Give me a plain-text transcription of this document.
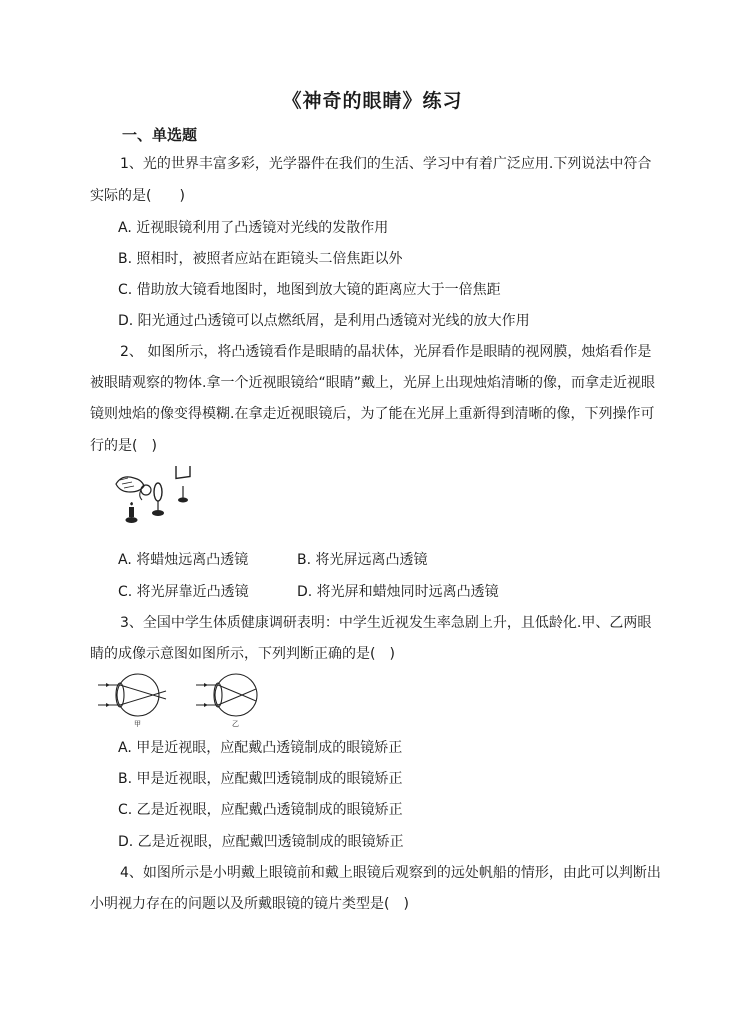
《神奇的眼睛》练习
一、单选题
1、光的世界丰富多彩，光学器件在我们的生活、学习中有着广泛应用.下列说法中符合
实际的是(　　)
A. 近视眼镜利用了凸透镜对光线的发散作用
B. 照相时，被照者应站在距镜头二倍焦距以外
C. 借助放大镜看地图时，地图到放大镜的距离应大于一倍焦距
D. 阳光通过凸透镜可以点燃纸屑，是利用凸透镜对光线的放大作用
2、 如图所示，将凸透镜看作是眼睛的晶状体，光屏看作是眼睛的视网膜，烛焰看作是
被眼睛观察的物体.拿一个近视眼镜给“眼睛”戴上，光屏上出现烛焰清晰的像，而拿走近视眼
镜则烛焰的像变得模糊.在拿走近视眼镜后，为了能在光屏上重新得到清晰的像，下列操作可
行的是(　)
A. 将蜡烛远离凸透镜	B. 将光屏远离凸透镜
C. 将光屏靠近凸透镜	D. 将光屏和蜡烛同时远离凸透镜
3、全国中学生体质健康调研表明：中学生近视发生率急剧上升，且低龄化.甲、乙两眼
睛的成像示意图如图所示，下列判断正确的是(　)
甲	乙
A. 甲是近视眼，应配戴凸透镜制成的眼镜矫正
B. 甲是近视眼，应配戴凹透镜制成的眼镜矫正
C. 乙是近视眼，应配戴凸透镜制成的眼镜矫正
D. 乙是近视眼，应配戴凹透镜制成的眼镜矫正
4、如图所示是小明戴上眼镜前和戴上眼镜后观察到的远处帆船的情形，由此可以判断出
小明视力存在的问题以及所戴眼镜的镜片类型是(　)
